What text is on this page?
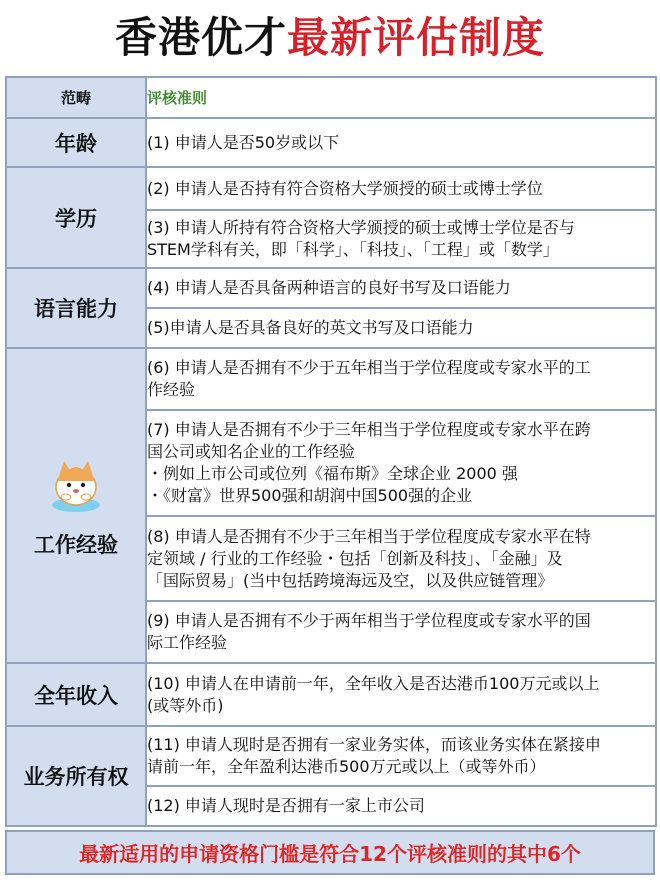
香港优才 最新评估制度
范畴	评核准则
年龄	(1) 申请人是否50岁或以下

学历	(2) 申请人是否持有符合资格大学颁授的硕士或博士学位

	(3) 申请人所持有符合资格大学颁授的硕士或博士学位是否与
STEM学科有关，即「科学」、「科技」、「工程」或「数学」

语言能力	(4) 申请人是否具备两种语言的良好书写及口语能力

	(5)申请人是否具备良好的英文书写及口语能力

工作经验	(6) 申请人是否拥有不少于五年相当于学位程度或专家水平的工
作经验

	(7) 申请人是否拥有不少于三年相当于学位程度或专家水平在跨
国公司或知名企业的工作经验
・例如上市公司或位列《福布斯》全球企业 2000 强
・《财富》世界500强和胡润中国500强的企业

	(8) 申请人是否拥有不少于三年相当于学位程度成专家水平在特
定领域 / 行业的工作经验・包括「创新及科技」、「金融」及
「国际贸易」(当中包括跨境海远及空，以及供应链管理》

	(9) 申请人是否拥有不少于两年相当于学位程度或专家水平的国
际工作经验

全年收入	(10) 申请人在申请前一年，全年收入是否达港币100万元或以上
(或等外币)

业务所有权	(11) 申请人现时是否拥有一家业务实体，而该业务实体在紧接申
请前一年，全年盈利达港币500万元或以上（或等外币）

	(12) 申请人现时是否拥有一家上市公司
最新适用的申请资格门槛是符合12个评核准则的其中6个
